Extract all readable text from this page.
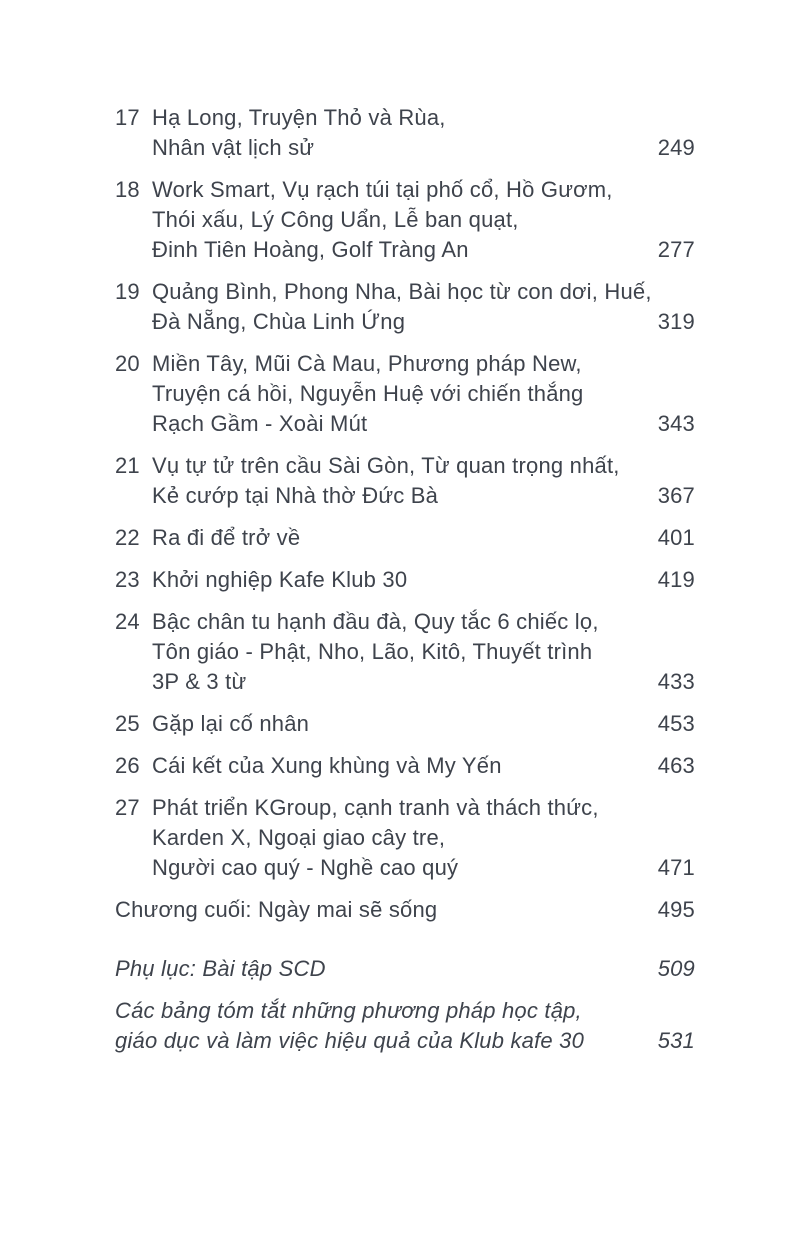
17 Hạ Long, Truyện Thỏ và Rùa,
Nhân vật lịch sử	249
18 Work Smart, Vụ rạch túi tại phố cổ, Hồ Gươm,
Thói xấu, Lý Công Uẩn, Lễ ban quạt,
Đinh Tiên Hoàng, Golf Tràng An	277
19 Quảng Bình, Phong Nha, Bài học từ con dơi, Huế,
Đà Nẵng, Chùa Linh Ứng	319
20 Miền Tây, Mũi Cà Mau, Phương pháp New,
Truyện cá hồi, Nguyễn Huệ với chiến thắng
Rạch Gầm - Xoài Mút	343
21 Vụ tự tử trên cầu Sài Gòn, Từ quan trọng nhất,
Kẻ cướp tại Nhà thờ Đức Bà	367
22 Ra đi để trở về	401
23 Khởi nghiệp Kafe Klub 30	419
24 Bậc chân tu hạnh đầu đà, Quy tắc 6 chiếc lọ,
Tôn giáo - Phật, Nho, Lão, Kitô, Thuyết trình
3P & 3 từ	433
25 Gặp lại cố nhân	453
26 Cái kết của Xung khùng và My Yến	463
27 Phát triển KGroup, cạnh tranh và thách thức,
Karden X, Ngoại giao cây tre,
Người cao quý - Nghề cao quý	471
Chương cuối: Ngày mai sẽ sống	495
Phụ lục: Bài tập SCD	509
Các bảng tóm tắt những phương pháp học tập,
giáo dục và làm việc hiệu quả của Klub kafe 30	531
